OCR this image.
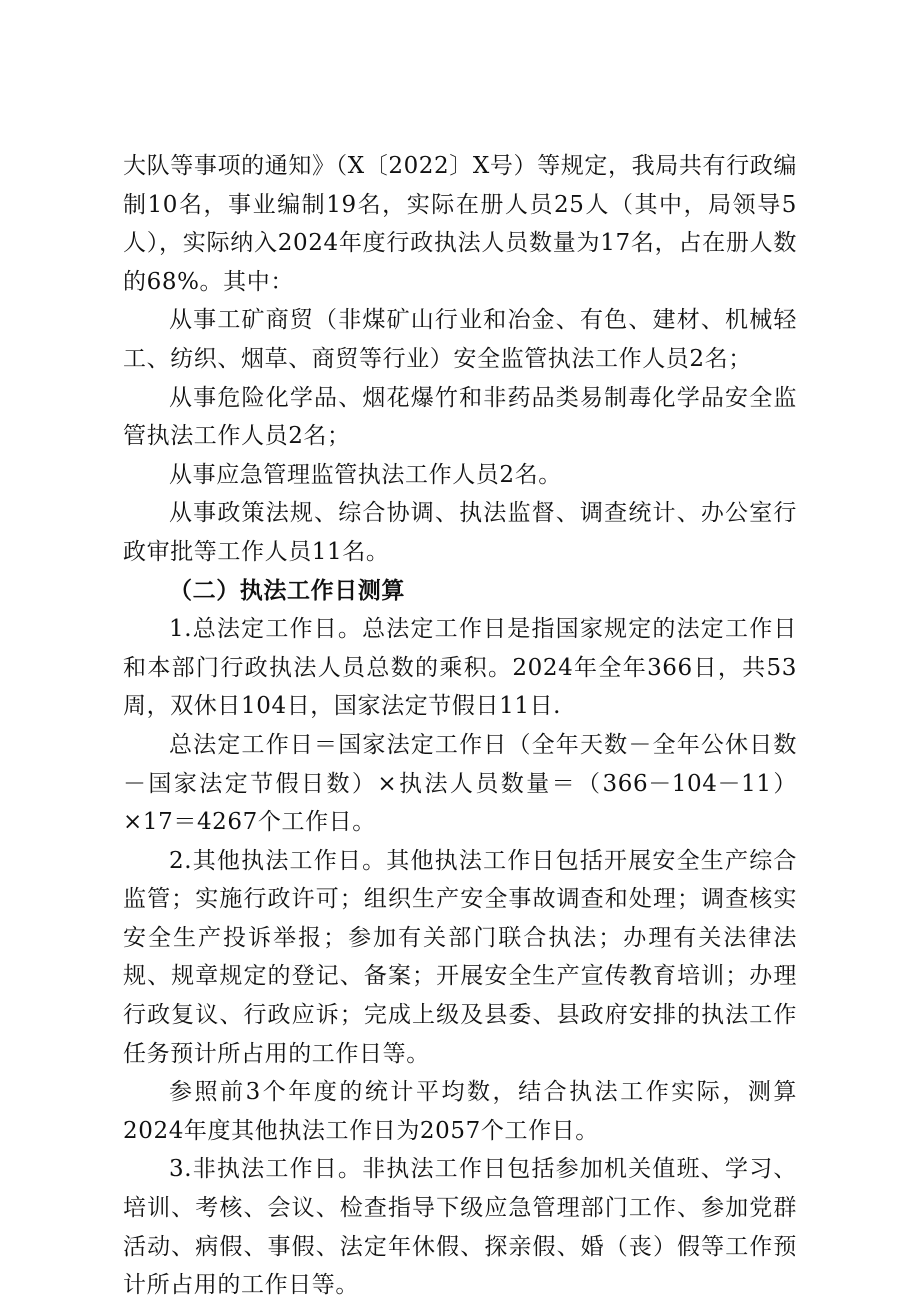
大队等事项的通知》（X〔2022〕X号）等规定，我局共有行政编制10名，事业编制19名，实际在册人员25人（其中，局领导5人），实际纳入2024年度行政执法人员数量为17名，占在册人数的68%。其中：

从事工矿商贸（非煤矿山行业和冶金、有色、建材、机械轻工、纺织、烟草、商贸等行业）安全监管执法工作人员2名；

从事危险化学品、烟花爆竹和非药品类易制毒化学品安全监管执法工作人员2名；

从事应急管理监管执法工作人员2名。

从事政策法规、综合协调、执法监督、调查统计、办公室行政审批等工作人员11名。

（二）执法工作日测算

1.总法定工作日。总法定工作日是指国家规定的法定工作日和本部门行政执法人员总数的乘积。2024年全年366日，共53周，双休日104日，国家法定节假日11日.

总法定工作日＝国家法定工作日（全年天数－全年公休日数－国家法定节假日数）×执法人员数量＝（366－104－11）×17＝4267个工作日。

2.其他执法工作日。其他执法工作日包括开展安全生产综合监管；实施行政许可；组织生产安全事故调查和处理；调查核实安全生产投诉举报；参加有关部门联合执法；办理有关法律法规、规章规定的登记、备案；开展安全生产宣传教育培训；办理行政复议、行政应诉；完成上级及县委、县政府安排的执法工作任务预计所占用的工作日等。

参照前3个年度的统计平均数，结合执法工作实际，测算2024年度其他执法工作日为2057个工作日。

3.非执法工作日。非执法工作日包括参加机关值班、学习、培训、考核、会议、检查指导下级应急管理部门工作、参加党群活动、病假、事假、法定年休假、探亲假、婚（丧）假等工作预计所占用的工作日等。
